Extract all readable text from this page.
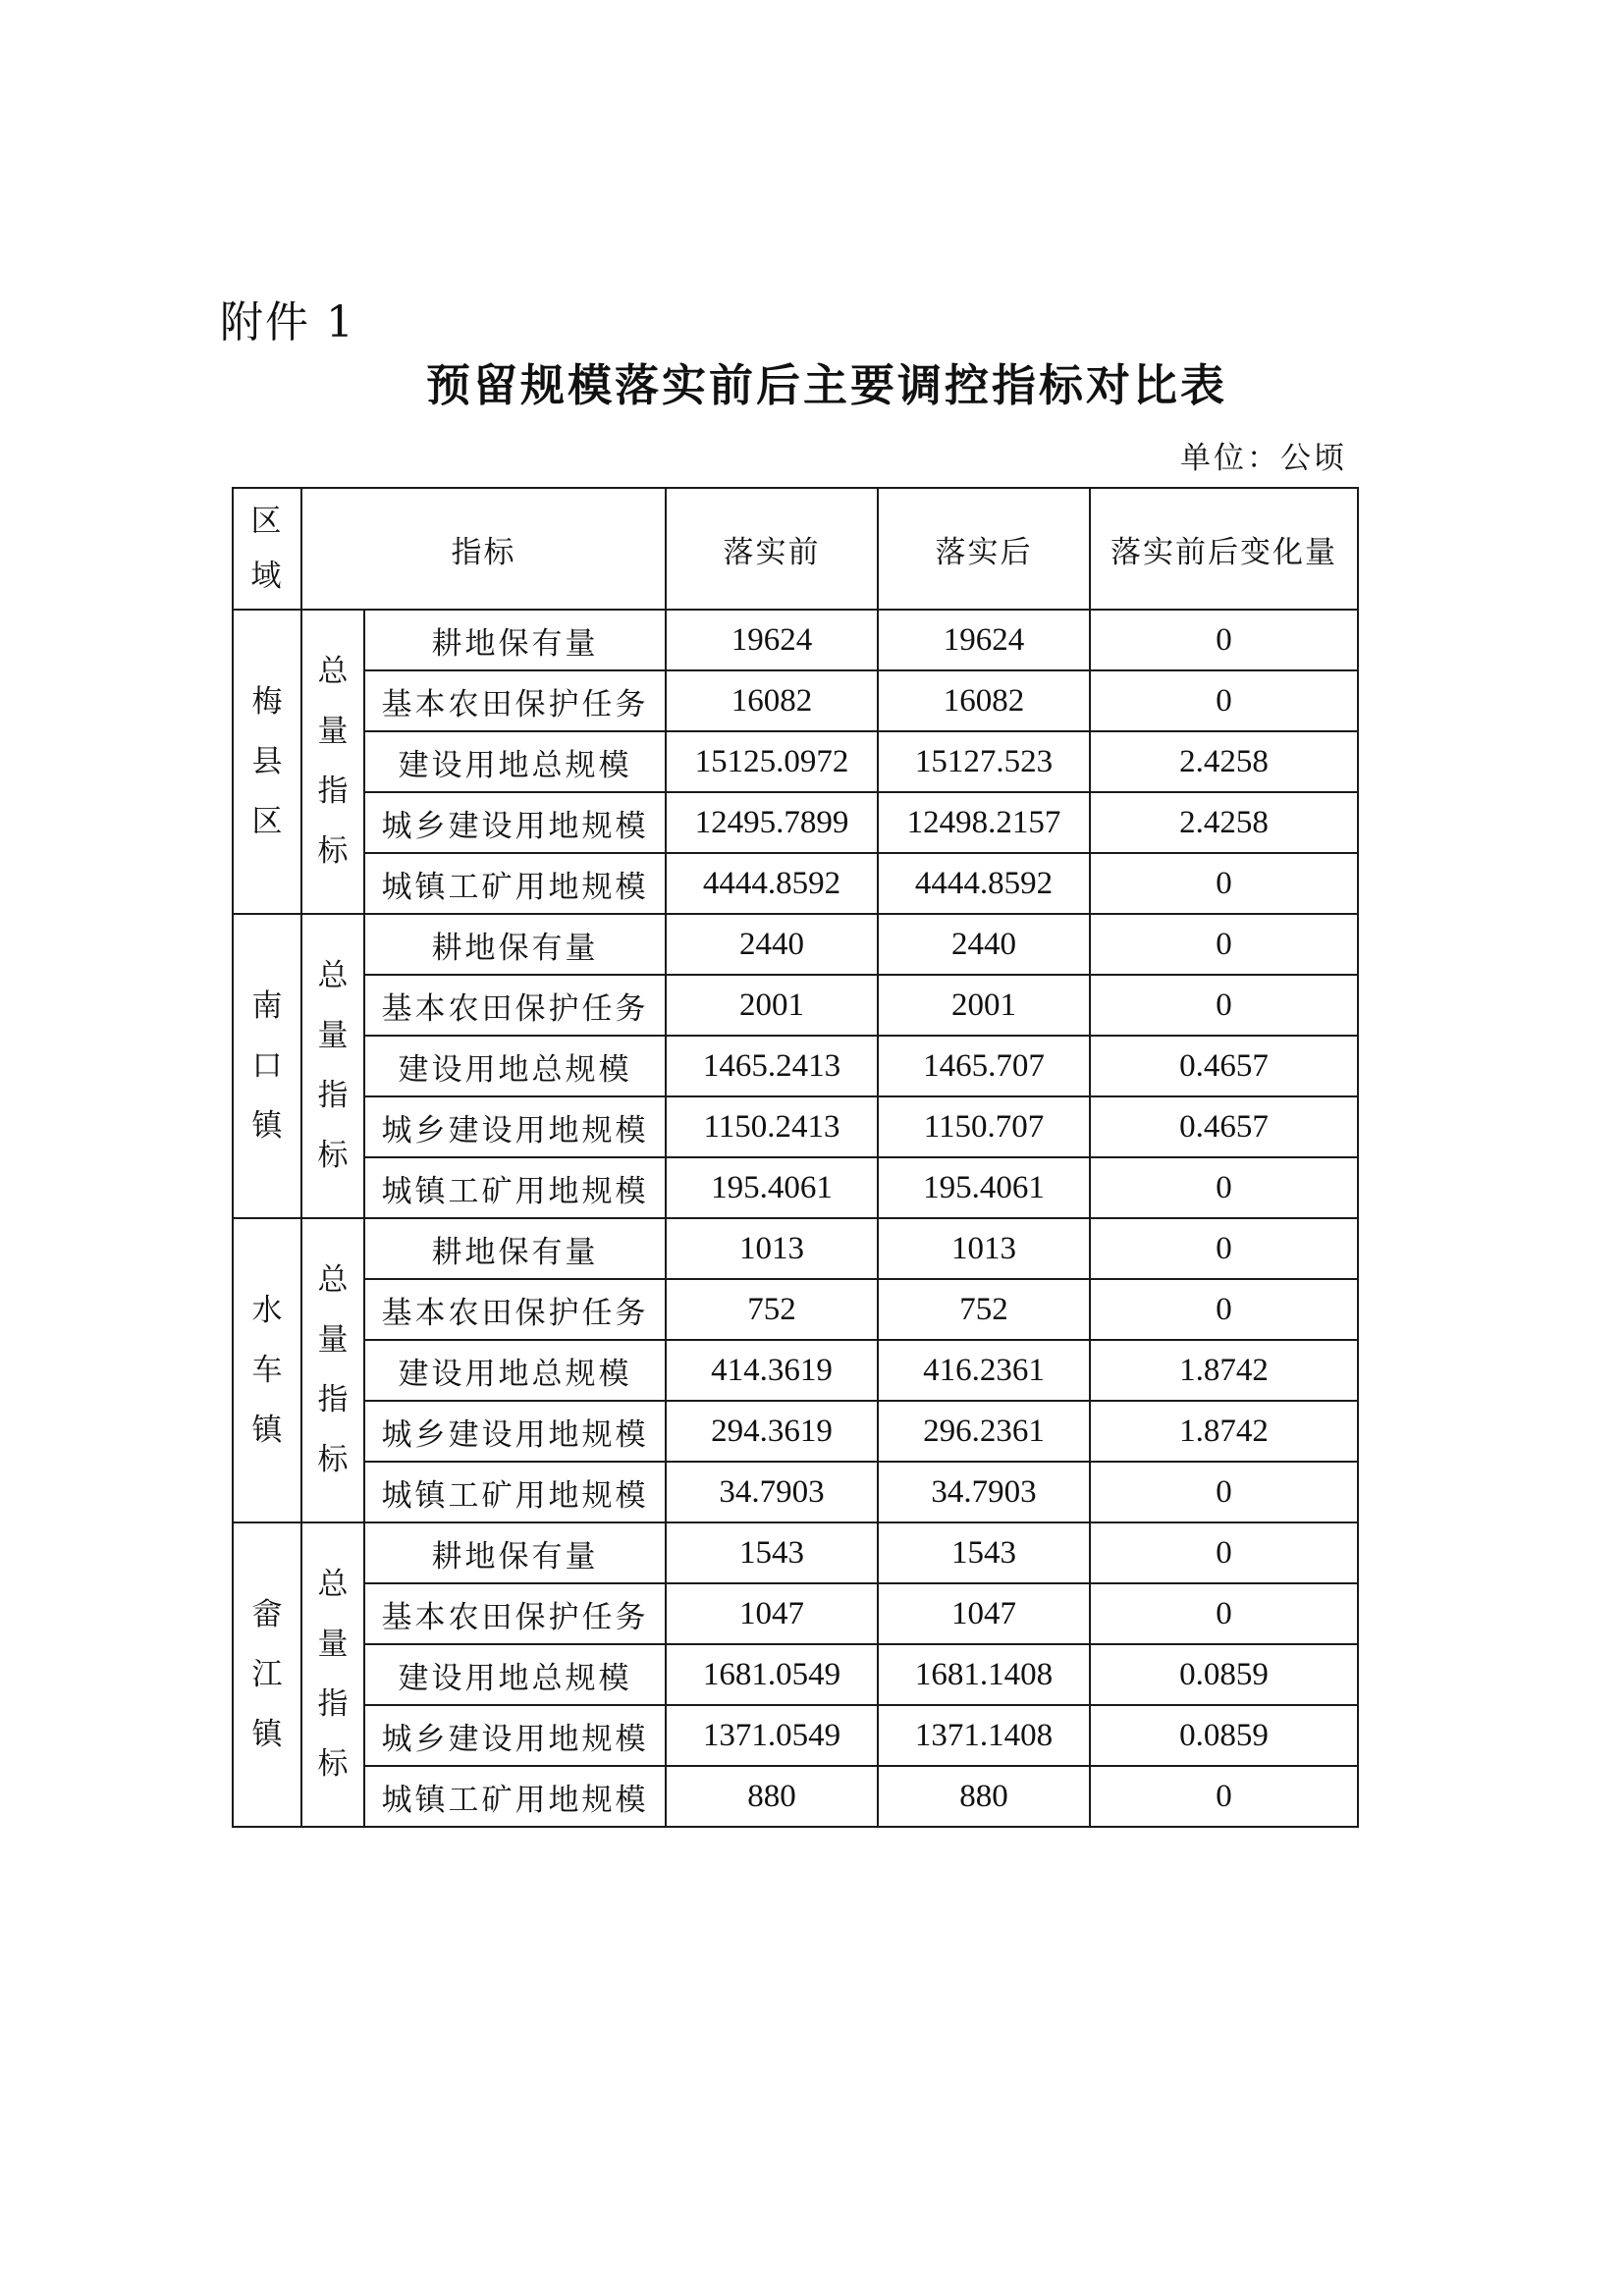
附件 1
预留规模落实前后主要调控指标对比表
单位：公顷
区域	指标		落实前	落实后	落实前后变化量
梅县区	总量指标	耕地保有量	19624	19624	0
		基本农田保护任务	16082	16082	0
		建设用地总规模	15125.0972	15127.523	2.4258
		城乡建设用地规模	12495.7899	12498.2157	2.4258
		城镇工矿用地规模	4444.8592	4444.8592	0
南口镇	总量指标	耕地保有量	2440	2440	0
		基本农田保护任务	2001	2001	0
		建设用地总规模	1465.2413	1465.707	0.4657
		城乡建设用地规模	1150.2413	1150.707	0.4657
		城镇工矿用地规模	195.4061	195.4061	0
水车镇	总量指标	耕地保有量	1013	1013	0
		基本农田保护任务	752	752	0
		建设用地总规模	414.3619	416.2361	1.8742
		城乡建设用地规模	294.3619	296.2361	1.8742
		城镇工矿用地规模	34.7903	34.7903	0
畲江镇	总量指标	耕地保有量	1543	1543	0
		基本农田保护任务	1047	1047	0
		建设用地总规模	1681.0549	1681.1408	0.0859
		城乡建设用地规模	1371.0549	1371.1408	0.0859
		城镇工矿用地规模	880	880	0
